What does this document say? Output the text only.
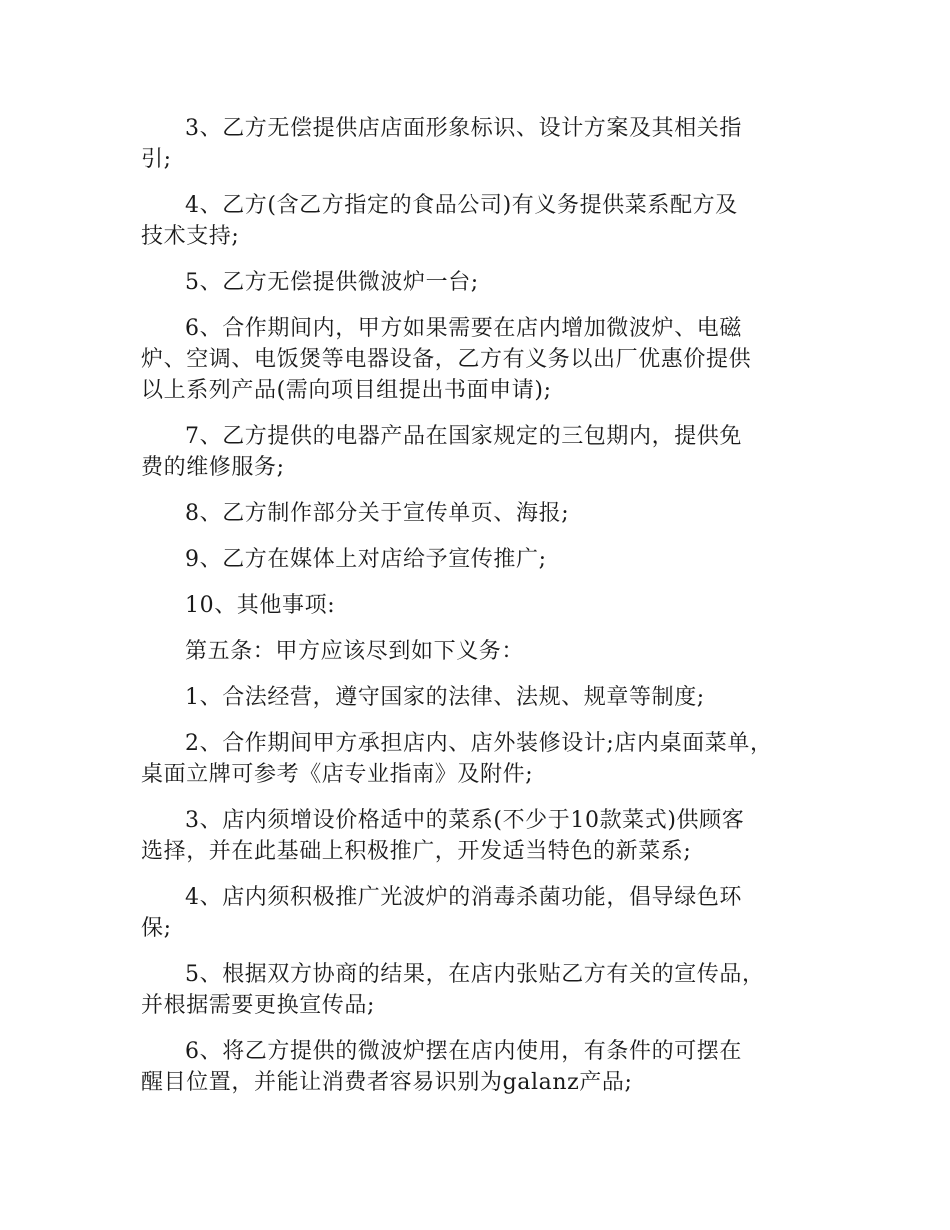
3、乙方无偿提供店店面形象标识、设计方案及其相关指
引;

4、乙方(含乙方指定的食品公司)有义务提供菜系配方及
技术支持;

5、乙方无偿提供微波炉一台;

6、合作期间内，甲方如果需要在店内增加微波炉、电磁
炉、空调、电饭煲等电器设备，乙方有义务以出厂优惠价提供
以上系列产品(需向项目组提出书面申请);

7、乙方提供的电器产品在国家规定的三包期内，提供免
费的维修服务;

8、乙方制作部分关于宣传单页、海报;

9、乙方在媒体上对店给予宣传推广;

10、其他事项:

第五条：甲方应该尽到如下义务：

1、合法经营，遵守国家的法律、法规、规章等制度;

2、合作期间甲方承担店内、店外装修设计;店内桌面菜单，
桌面立牌可参考《店专业指南》及附件;

3、店内须增设价格适中的菜系(不少于10款菜式)供顾客
选择，并在此基础上积极推广，开发适当特色的新菜系;

4、店内须积极推广光波炉的消毒杀菌功能，倡导绿色环
保;

5、根据双方协商的结果，在店内张贴乙方有关的宣传品，
并根据需要更换宣传品;

6、将乙方提供的微波炉摆在店内使用，有条件的可摆在
醒目位置，并能让消费者容易识别为galanz产品;
